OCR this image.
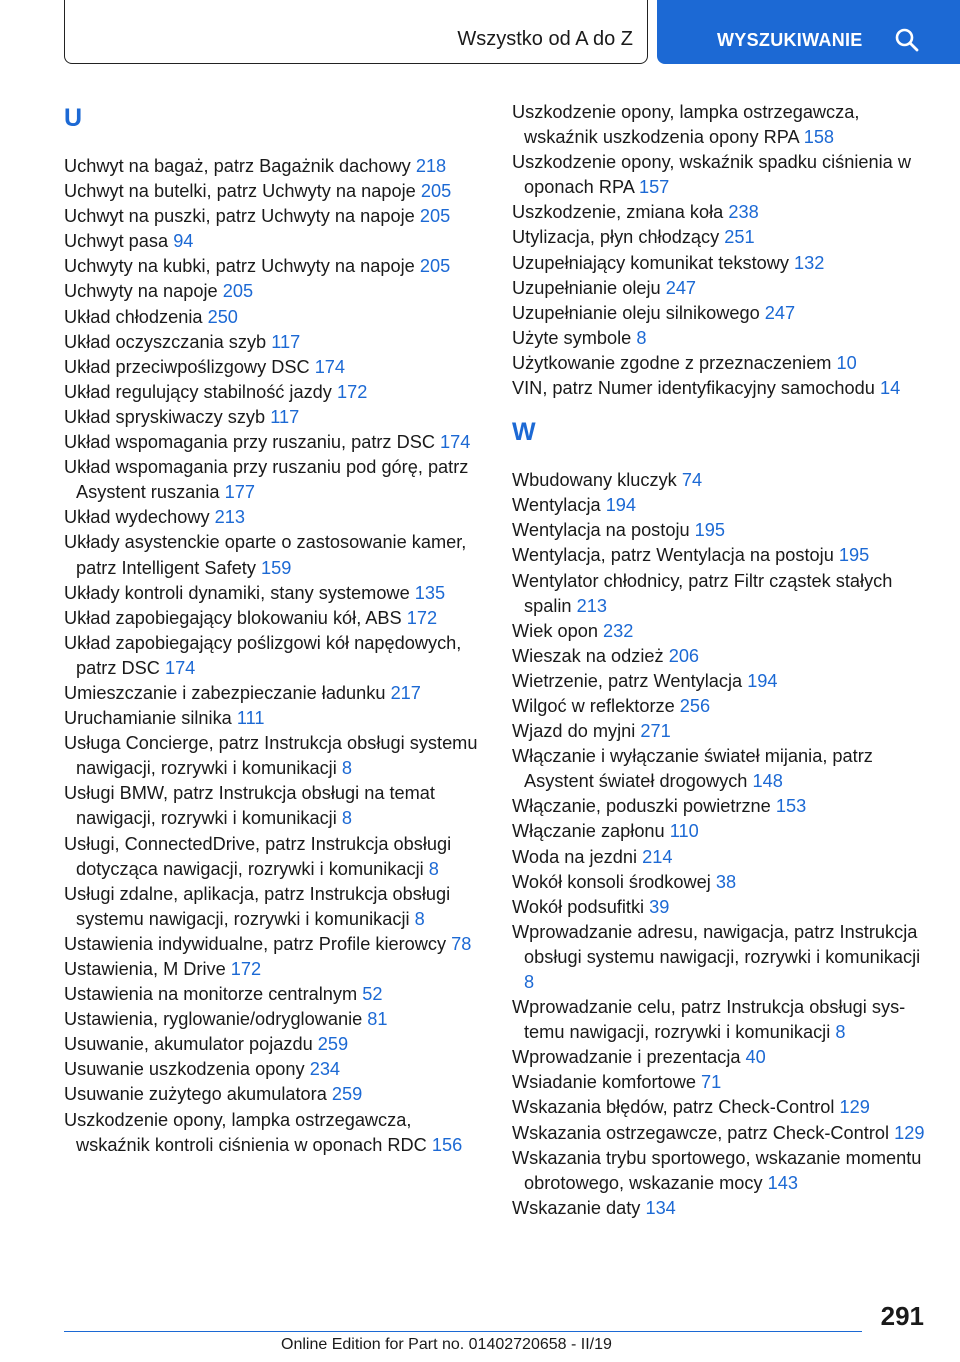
Wszystko od A do Z	WYSZUKIWANIE
U

Uchwyt na bagaż, patrz Bagażnik dachowy 218

Uchwyt na butelki, patrz Uchwyty na napoje 205

Uchwyt na puszki, patrz Uchwyty na napoje 205

Uchwyt pasa 94

Uchwyty na kubki, patrz Uchwyty na napoje 205

Uchwyty na napoje 205

Układ chłodzenia 250

Układ oczyszczania szyb 117

Układ przeciwpoślizgowy DSC 174

Układ regulujący stabilność jazdy 172

Układ spryskiwaczy szyb 117

Układ wspomagania przy ruszaniu, patrz DSC 174

Układ wspomagania przy ruszaniu pod górę, patrz Asystent ruszania 177

Układ wydechowy 213

Układy asystenckie oparte o zastosowanie kamer, patrz Intelligent Safety 159

Układy kontroli dynamiki, stany systemowe 135

Układ zapobiegający blokowaniu kół, ABS 172

Układ zapobiegający poślizgowi kół napędowych, patrz DSC 174

Umieszczanie i zabezpieczanie ładunku 217

Uruchamianie silnika 111

Usługa Concierge, patrz Instrukcja obsługi systemu nawigacji, rozrywki i komunikacji 8

Usługi BMW, patrz Instrukcja obsługi na temat nawigacji, rozrywki i komunikacji 8

Usługi, ConnectedDrive, patrz Instrukcja obsługi dotycząca nawigacji, rozrywki i komunikacji 8

Usługi zdalne, aplikacja, patrz Instrukcja obsługi systemu nawigacji, rozrywki i komunikacji 8

Ustawienia indywidualne, patrz Profile kierowcy 78

Ustawienia, M Drive 172

Ustawienia na monitorze centralnym 52

Ustawienia, ryglowanie/odryglowanie 81

Usuwanie, akumulator pojazdu 259

Usuwanie uszkodzenia opony 234

Usuwanie zużytego akumulatora 259

Uszkodzenie opony, lampka ostrzegawcza, wskaźnik kontroli ciśnienia w oponach RDC 156

Uszkodzenie opony, lampka ostrzegawcza, wskaźnik uszkodzenia opony RPA 158

Uszkodzenie opony, wskaźnik spadku ciśnienia w oponach RPA 157

Uszkodzenie, zmiana koła 238

Utylizacja, płyn chłodzący 251

Uzupełniający komunikat tekstowy 132

Uzupełnianie oleju 247

Uzupełnianie oleju silnikowego 247

Użyte symbole 8

Użytkowanie zgodne z przeznaczeniem 10

VIN, patrz Numer identyfikacyjny samochodu 14

W

Wbudowany kluczyk 74

Wentylacja 194

Wentylacja na postoju 195

Wentylacja, patrz Wentylacja na postoju 195

Wentylator chłodnicy, patrz Filtr cząstek stałych spalin 213

Wiek opon 232

Wieszak na odzież 206

Wietrzenie, patrz Wentylacja 194

Wilgoć w reflektorze 256

Wjazd do myjni 271

Włączanie i wyłączanie świateł mijania, patrz Asystent świateł drogowych 148

Włączanie, poduszki powietrzne 153

Włączanie zapłonu 110

Woda na jezdni 214

Wokół konsoli środkowej 38

Wokół podsufitki 39

Wprowadzanie adresu, nawigacja, patrz Instrukcja obsługi systemu nawigacji, rozrywki i komunikacji 8

Wprowadzanie celu, patrz Instrukcja obsługi systemu nawigacji, rozrywki i komunikacji 8

Wprowadzanie i prezentacja 40

Wsiadanie komfortowe 71

Wskazania błędów, patrz Check-Control 129

Wskazania ostrzegawcze, patrz Check-Control 129

Wskazania trybu sportowego, wskazanie momentu obrotowego, wskazanie mocy 143

Wskazanie daty 134

291
Online Edition for Part no. 01402720658 - II/19
